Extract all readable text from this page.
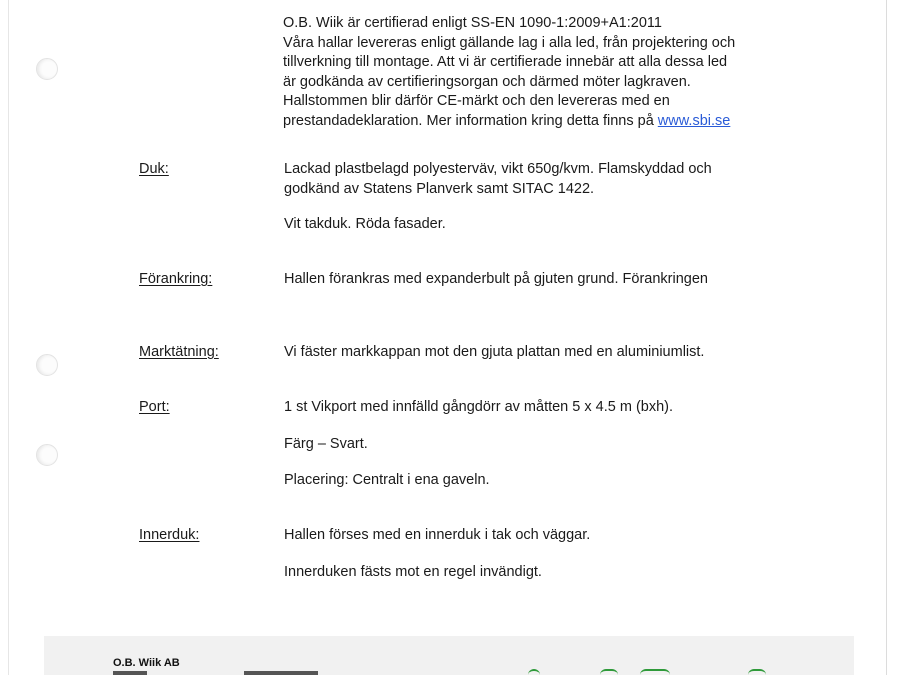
O.B. Wiik är certifierad enligt SS-EN 1090-1:2009+A1:2011
Våra hallar levereras enligt gällande lag i alla led, från projektering och
tillverkning till montage. Att vi är certifierade innebär att alla dessa led
är godkända av certifieringsorgan och därmed möter lagkraven.
Hallstommen blir därför CE-märkt och den levereras med en
prestandadeklaration. Mer information kring detta finns på www.sbi.se
Duk:	Lackad plastbelagd polyesterväv, vikt 650g/kvm. Flamskyddad och
godkänd av Statens Planverk samt SITAC 1422.
Vit takduk. Röda fasader.
Förankring:	Hallen förankras med expanderbult på gjuten grund. Förankringen
Marktätning:	Vi fäster markkappan mot den gjuta plattan med en aluminiumlist.
Port:	1 st Vikport med innfälld gångdörr av måtten 5 x 4.5 m (bxh).
Färg – Svart.
Placering: Centralt i ena gaveln.
Innerduk:	Hallen förses med en innerduk i tak och väggar.
Innerduken fästs mot en regel invändigt.
O.B. Wiik AB
